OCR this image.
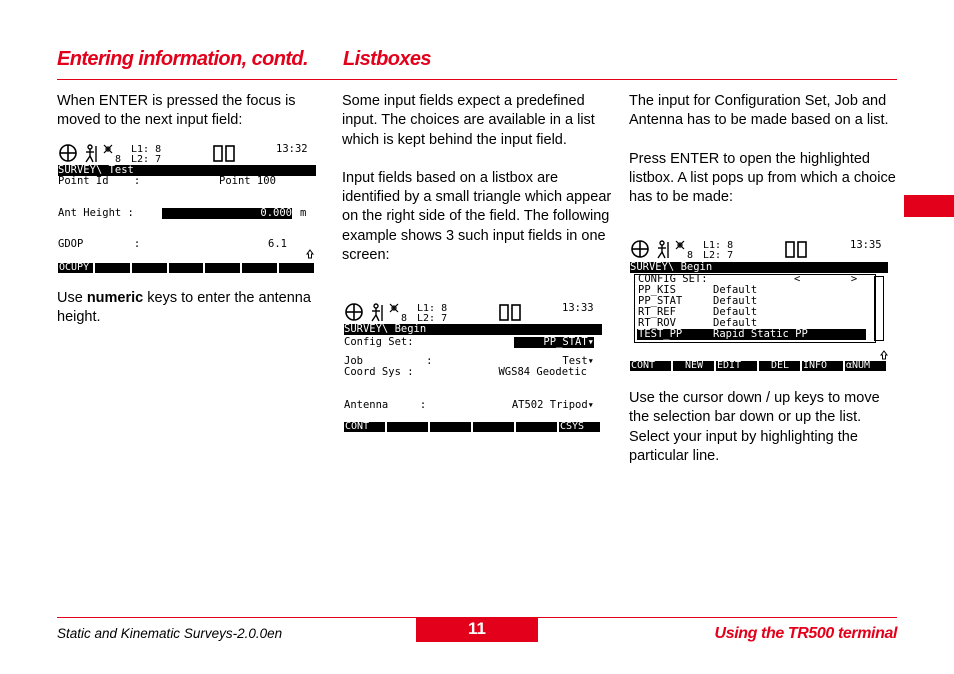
Entering information, contd. Listboxes

When ENTER is pressed the focus is moved to the next input field:

Use numeric keys to enter the antenna height.

L1: 8
8 L2: 7
13:32
SURVEY\ Test
Point Id    :	Point 100
Ant Height :	0.000 m
GDOP        :	6.1
OCUPY

Some input fields expect a predefined input. The choices are available in a list which is kept behind the input field.

Input fields based on a listbox are identified by a small triangle which appear on the right side of the field. The following example shows 3 such input fields in one screen:

L1: 8
8 L2: 7
13:33
SURVEY\ Begin
Config Set:	PP_STAT▾
Job          :	Test▾
Coord Sys :	WGS84 Geodetic
Antenna     :	AT502 Tripod▾
CONT	CSYS

The input for Configuration Set, Job and Antenna has to be made based on a list.

Press ENTER to open the highlighted listbox. A list pops up from which a choice has to be made:

Use the cursor down / up keys to move the selection bar down or up the list. Select your input by highlighting the particular line.

L1: 8
8 L2: 7
13:35
SURVEY\ Begin
CONFIG SET:	<        >
PP_KIS	Default
PP_STAT	Default
RT_REF	Default
RT_ROV	Default
TEST_PP	Rapid Static PP
CONT	NEW	EDIT	DEL	INFO	αNUM
Static and Kinematic Surveys-2.0.0en	11	Using the TR500 terminal
